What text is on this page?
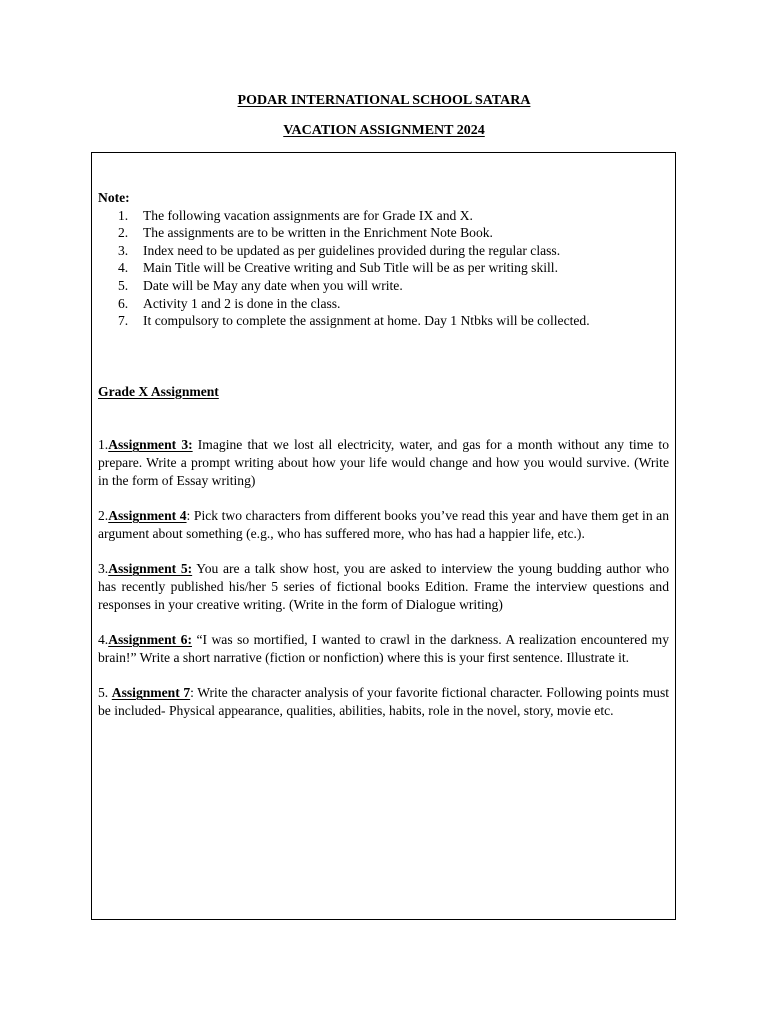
PODAR INTERNATIONAL SCHOOL SATARA
VACATION ASSIGNMENT 2024

Note:

1. The following vacation assignments are for Grade IX and X.
2. The assignments are to be written in the Enrichment Note Book.
3. Index need to be updated as per guidelines provided during the regular class.
4. Main Title will be Creative writing and Sub Title will be as per writing skill.
5. Date will be May any date when you will write.
6. Activity 1 and 2 is done in the class.
7. It compulsory to complete the assignment at home. Day 1 Ntbks will be collected.

Grade X Assignment

1.Assignment 3: Imagine that we lost all electricity, water, and gas for a month without any time to prepare. Write a prompt writing about how your life would change and how you would survive. (Write in the form of Essay writing)

2.Assignment 4: Pick two characters from different books you’ve read this year and have them get in an argument about something (e.g., who has suffered more, who has had a happier life, etc.).

3.Assignment 5: You are a talk show host, you are asked to interview the young budding author who has recently published his/her 5 series of fictional books Edition. Frame the interview questions and responses in your creative writing. (Write in the form of Dialogue writing)

4.Assignment 6: “I was so mortified, I wanted to crawl in the darkness. A realization encountered my brain!” Write a short narrative (fiction or nonfiction) where this is your first sentence. Illustrate it.

5. Assignment 7: Write the character analysis of your favorite fictional character. Following points must be included- Physical appearance, qualities, abilities, habits, role in the novel, story, movie etc.
